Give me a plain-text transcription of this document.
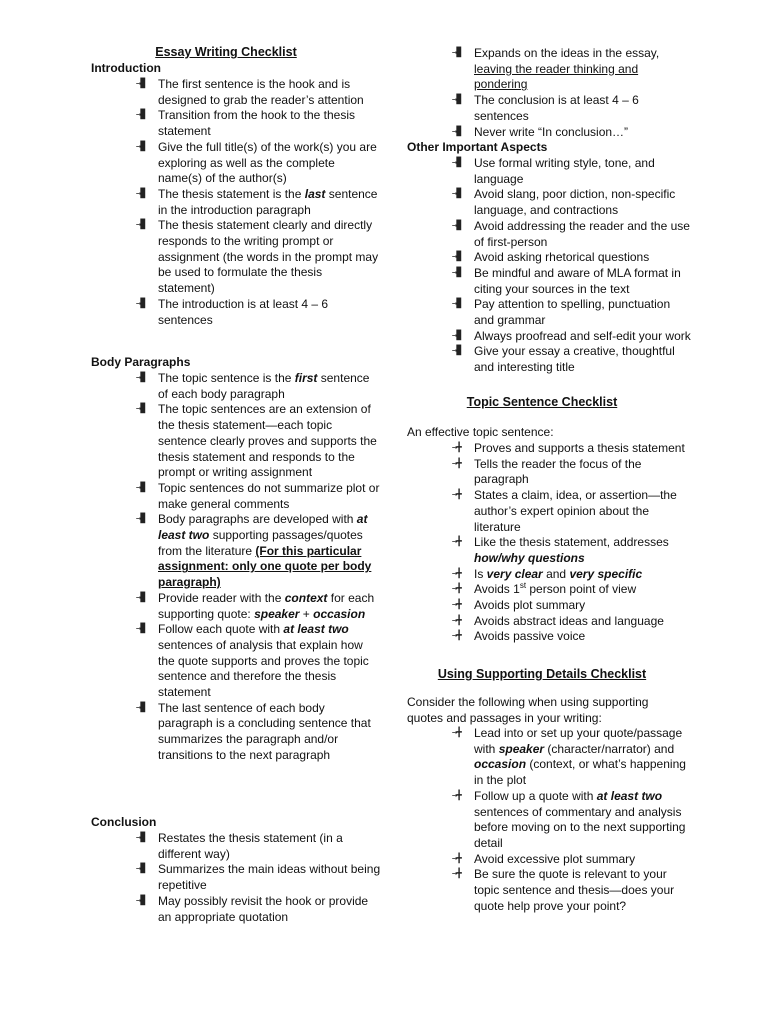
Essay Writing Checklist
Introduction
→▉ The first sentence is the hook and is designed to grab the reader’s attention
→▉ Transition from the hook to the thesis statement
→▉ Give the full title(s) of the work(s) you are exploring as well as the complete name(s) of the author(s)
→▉ The thesis statement is the last sentence in the introduction paragraph
→▉ The thesis statement clearly and directly responds to the writing prompt or assignment (the words in the prompt may be used to formulate the thesis statement)
→▉ The introduction is at least 4 – 6 sentences
Body Paragraphs
→▉ The topic sentence is the first sentence of each body paragraph
→▉ The topic sentences are an extension of the thesis statement—each topic sentence clearly proves and supports the thesis statement and responds to the prompt or writing assignment
→▉ Topic sentences do not summarize plot or make general comments
→▉ Body paragraphs are developed with at least two supporting passages/quotes from the literature (For this particular assignment: only one quote per body paragraph)
→▉ Provide reader with the context for each supporting quote: speaker + occasion
→▉ Follow each quote with at least two sentences of analysis that explain how the quote supports and proves the topic sentence and therefore the thesis statement
→▉ The last sentence of each body paragraph is a concluding sentence that summarizes the paragraph and/or transitions to the next paragraph
Conclusion
→▉ Restates the thesis statement (in a different way)
→▉ Summarizes the main ideas without being repetitive
→▉ May possibly revisit the hook or provide an appropriate quotation
→▉ Expands on the ideas in the essay, leaving the reader thinking and pondering
→▉ The conclusion is at least 4 – 6 sentences
→▉ Never write “In conclusion…”
Other Important Aspects
→▉ Use formal writing style, tone, and language
→▉ Avoid slang, poor diction, non-specific language, and contractions
→▉ Avoid addressing the reader and the use of first-person
→▉ Avoid asking rhetorical questions
→▉ Be mindful and aware of MLA format in citing your sources in the text
→▉ Pay attention to spelling, punctuation and grammar
→▉ Always proofread and self-edit your work
→▉ Give your essay a creative, thoughtful and interesting title
Topic Sentence Checklist
An effective topic sentence:
→╋ Proves and supports a thesis statement
→╋ Tells the reader the focus of the paragraph
→╋ States a claim, idea, or assertion—the author’s expert opinion about the literature
→╋ Like the thesis statement, addresses how/why questions
→╋ Is very clear and very specific
→╋ Avoids 1st person point of view
→╋ Avoids plot summary
→╋ Avoids abstract ideas and language
→╋ Avoids passive voice
Using Supporting Details Checklist
Consider the following when using supporting quotes and passages in your writing:
→╋ Lead into or set up your quote/passage with speaker (character/narrator) and occasion (context, or what’s happening in the plot
→╋ Follow up a quote with at least two sentences of commentary and analysis before moving on to the next supporting detail
→╋ Avoid excessive plot summary
→╋ Be sure the quote is relevant to your topic sentence and thesis—does your quote help prove your point?
